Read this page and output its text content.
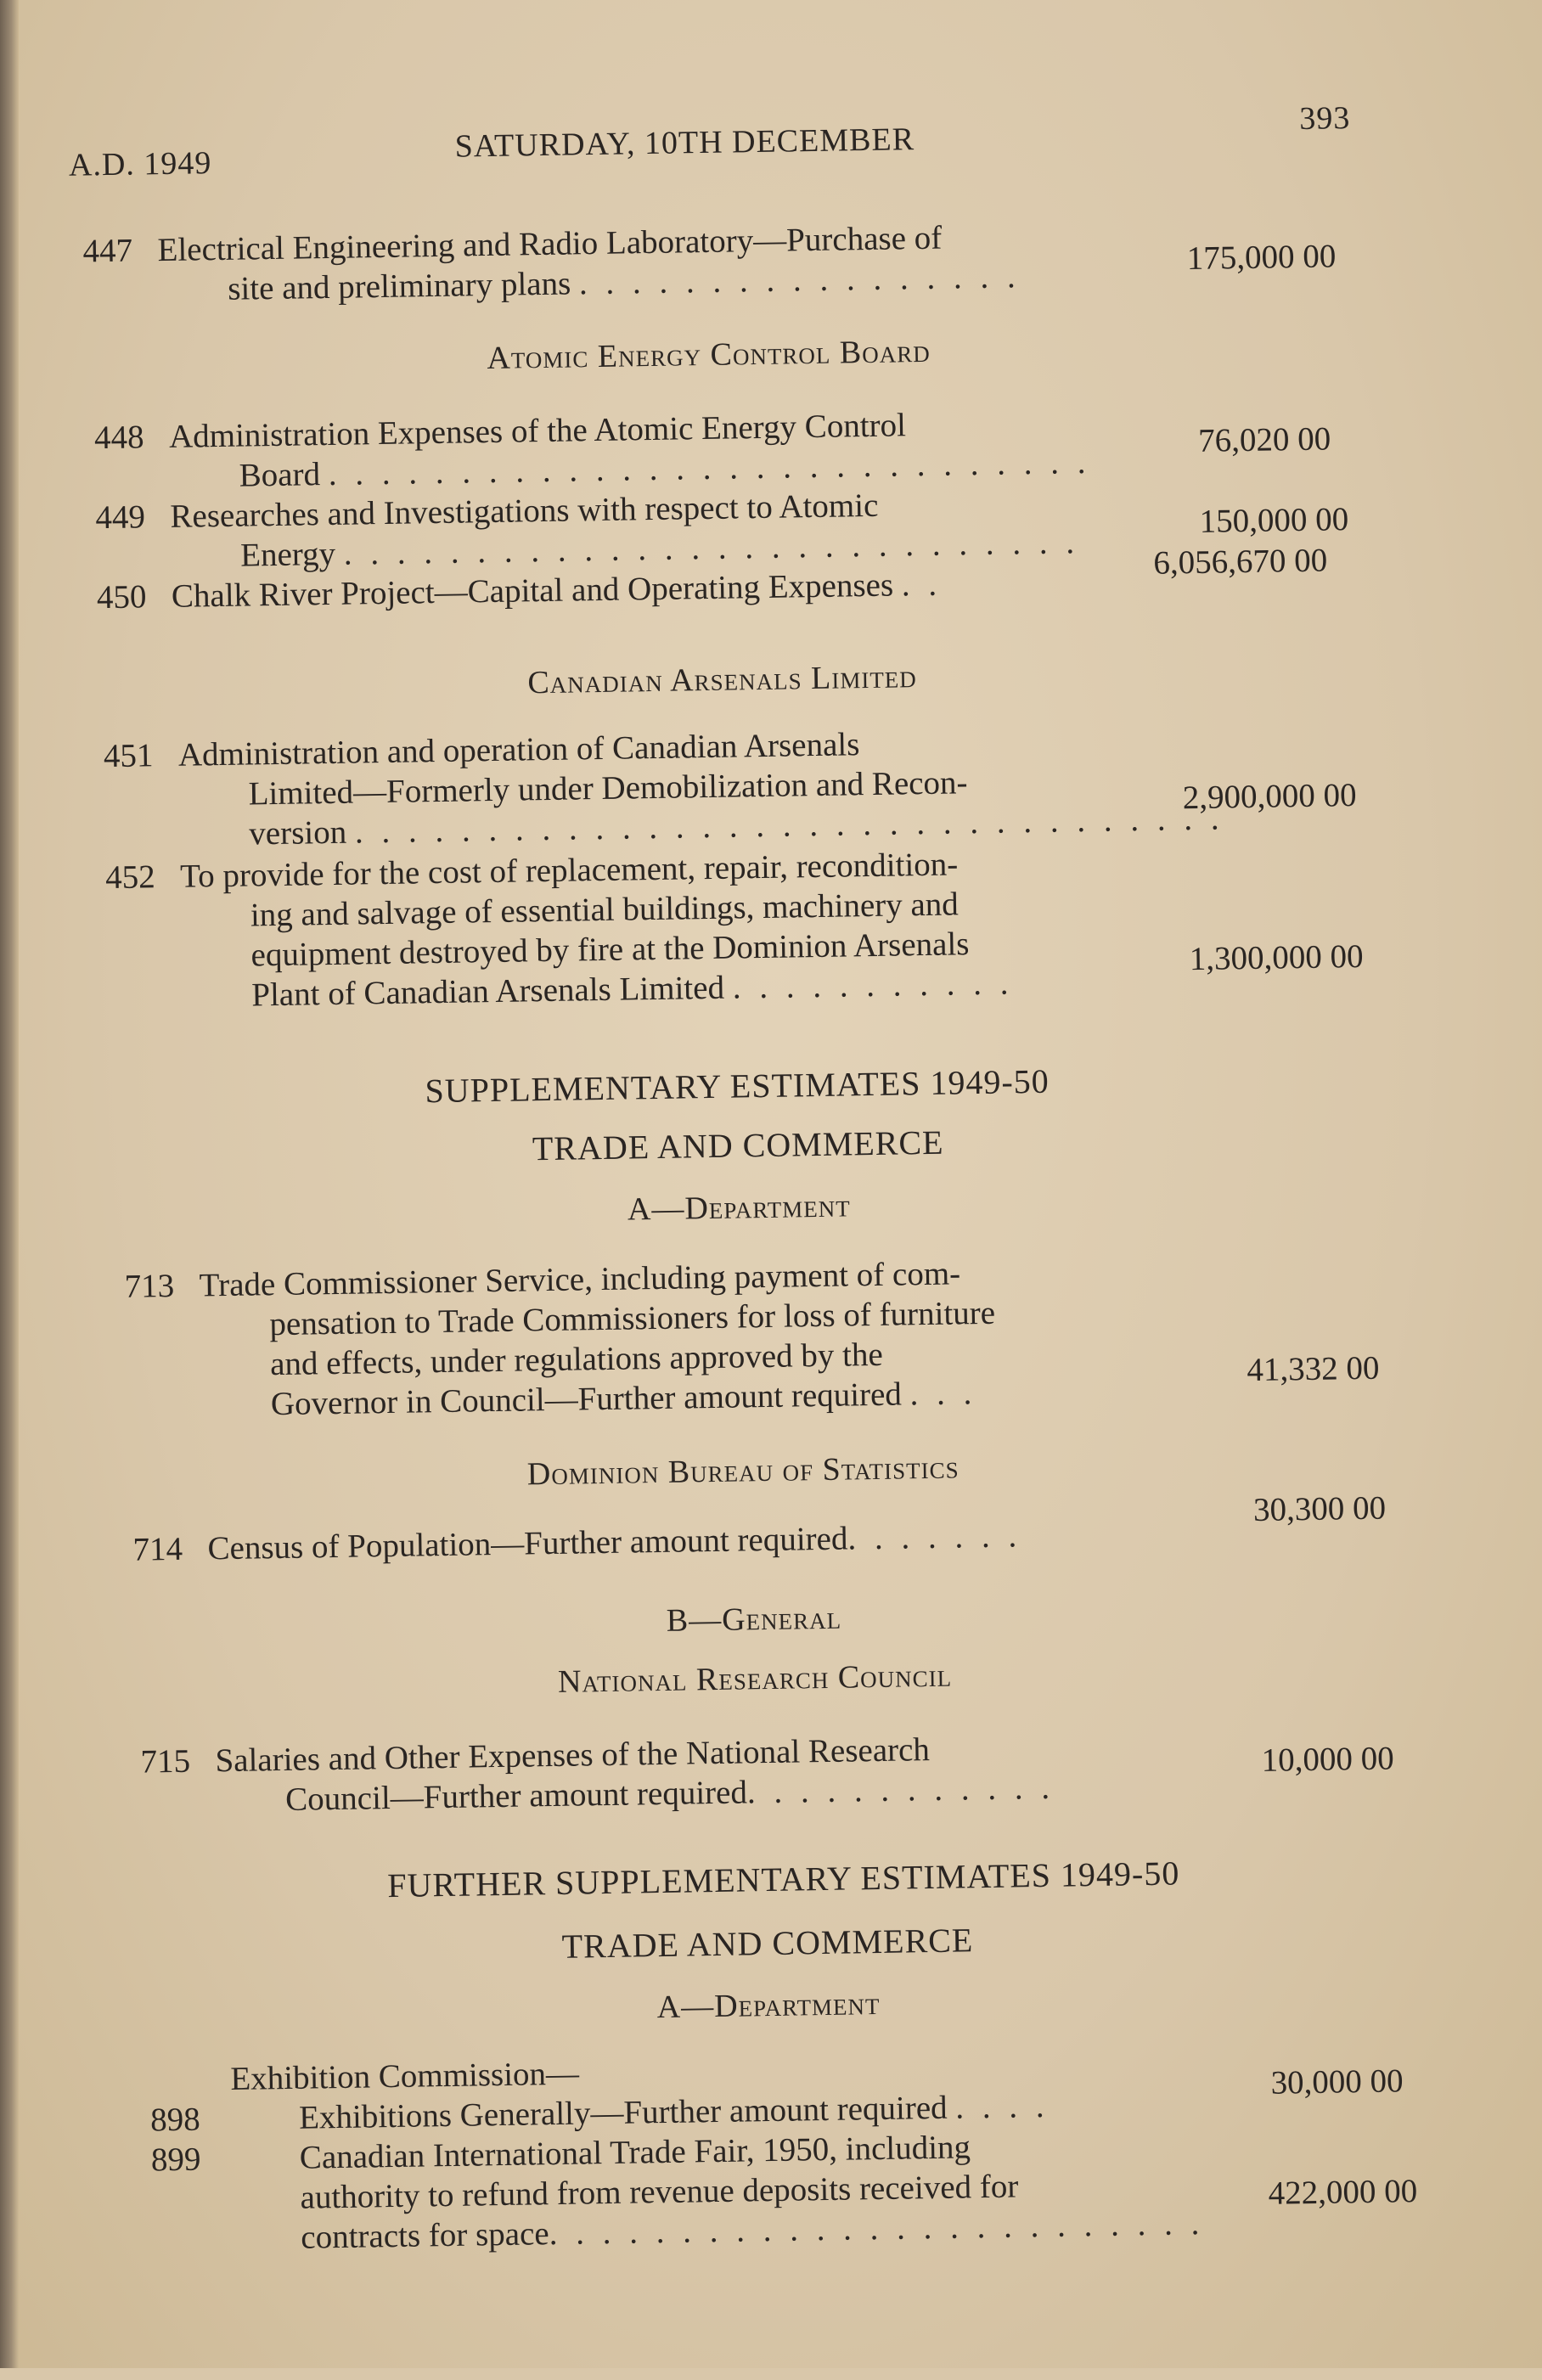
A.D. 1949	SATURDAY, 10TH DECEMBER
393
447 Electrical Engineering and Radio Laboratory—Purchase of
site and preliminary plans . . . . . . . . . . . . . . . . .
175,000 00
Atomic Energy Control Board
448 Administration Expenses of the Atomic Energy Control
Board . . . . . . . . . . . . . . . . . . . . . . . . . . . . .
76,020 00
449 Researches and Investigations with respect to Atomic
Energy . . . . . . . . . . . . . . . . . . . . . . . . . . . .
150,000 00
450 Chalk River Project—Capital and Operating Expenses . .
6,056,670 00
Canadian Arsenals Limited
451 Administration and operation of Canadian Arsenals
Limited—Formerly under Demobilization and Recon-
version . . . . . . . . . . . . . . . . . . . . . . . . . . . . . . . . .
2,900,000 00
452 To provide for the cost of replacement, repair, recondition-
ing and salvage of essential buildings, machinery and
equipment destroyed by fire at the Dominion Arsenals
Plant of Canadian Arsenals Limited . . . . . . . . . . .
1,300,000 00
SUPPLEMENTARY ESTIMATES 1949-50
TRADE AND COMMERCE
A—Department
713 Trade Commissioner Service, including payment of com-
pensation to Trade Commissioners for loss of furniture
and effects, under regulations approved by the
Governor in Council—Further amount required . . .
41,332 00
Dominion Bureau of Statistics
714 Census of Population—Further amount required. . . . . . .
30,300 00
B—General
National Research Council
715 Salaries and Other Expenses of the National Research
Council—Further amount required. . . . . . . . . . . .
10,000 00
FURTHER SUPPLEMENTARY ESTIMATES 1949-50
TRADE AND COMMERCE
A—Department
Exhibition Commission—
898	Exhibitions Generally—Further amount required . . . .
30,000 00
899	Canadian International Trade Fair, 1950, including
authority to refund from revenue deposits received for
contracts for space. . . . . . . . . . . . . . . . . . . . . . . . .
422,000 00
